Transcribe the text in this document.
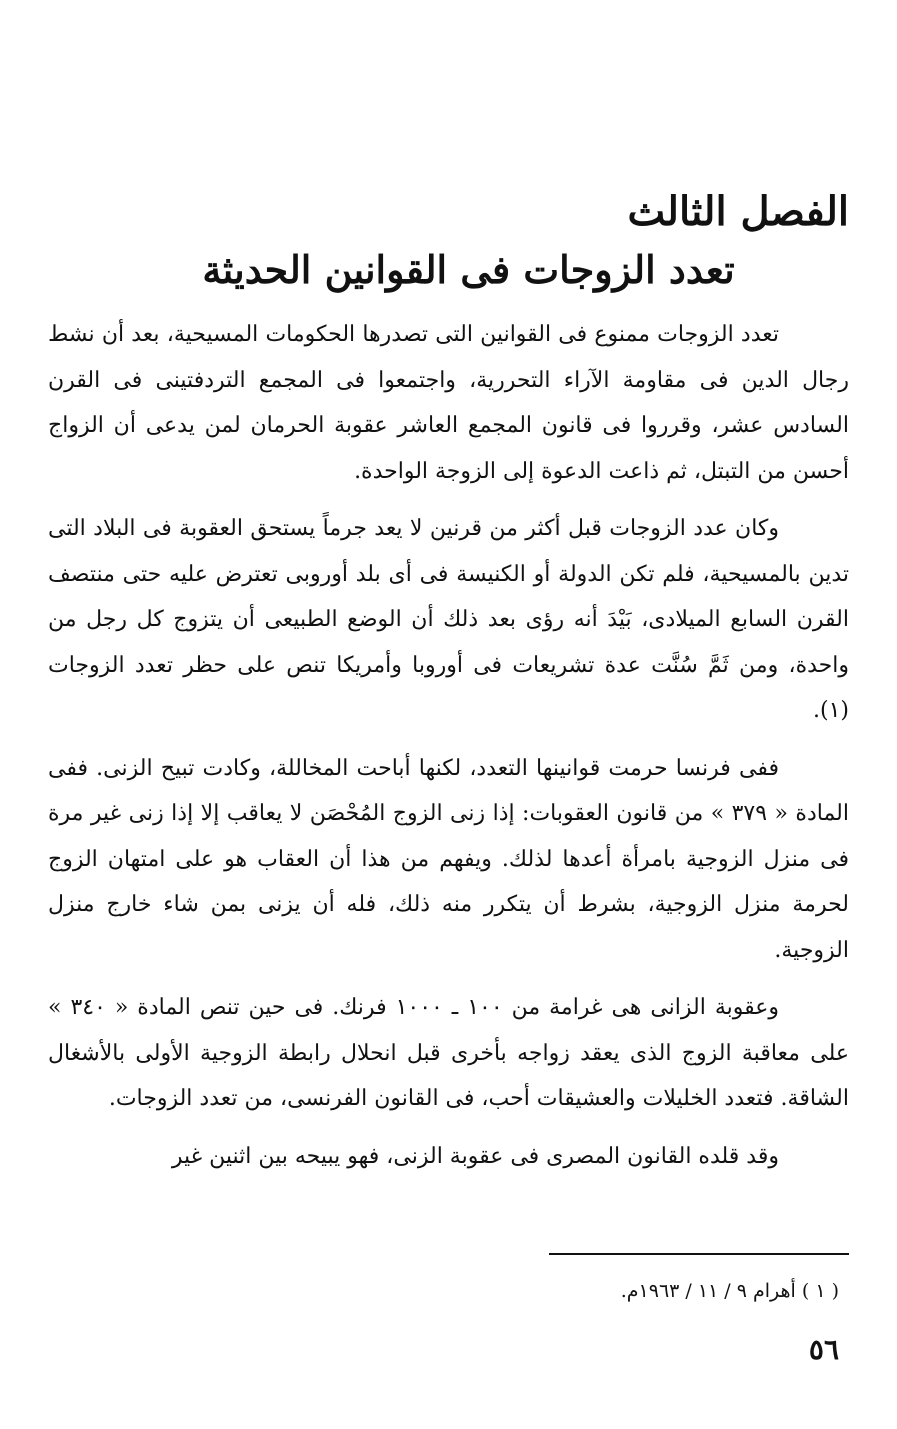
الفصل الثالث
تعدد الزوجات فى القوانين الحديثة

تعدد الزوجات ممنوع فى القوانين التى تصدرها الحكومات المسيحية، بعد أن نشط رجال الدين فى مقاومة الآراء التحررية، واجتمعوا فى المجمع التردفتينى فى القرن السادس عشر، وقرروا فى قانون المجمع العاشر عقوبة الحرمان لمن يدعى أن الزواج أحسن من التبتل، ثم ذاعت الدعوة إلى الزوجة الواحدة.

وكان عدد الزوجات قبل أكثر من قرنين لا يعد جرماً يستحق العقوبة فى البلاد التى تدين بالمسيحية، فلم تكن الدولة أو الكنيسة فى أى بلد أوروبى تعترض عليه حتى منتصف القرن السابع الميلادى، بَيْدَ أنه رؤى بعد ذلك أن الوضع الطبيعى أن يتزوج كل رجل من واحدة، ومن ثَمَّ سُنَّت عدة تشريعات فى أوروبا وأمريكا تنص على حظر تعدد الزوجات (١).

ففى فرنسا حرمت قوانينها التعدد، لكنها أباحت المخاللة، وكادت تبيح الزنى. ففى المادة « ٣٧٩ » من قانون العقوبات: إذا زنى الزوج المُحْصَن لا يعاقب إلا إذا زنى غير مرة فى منزل الزوجية بامرأة أعدها لذلك. ويفهم من هذا أن العقاب هو على امتهان الزوج لحرمة منزل الزوجية، بشرط أن يتكرر منه ذلك، فله أن يزنى بمن شاء خارج منزل الزوجية.

وعقوبة الزانى هى غرامة من ١٠٠ ـ ١٠٠٠ فرنك. فى حين تنص المادة « ٣٤٠ » على معاقبة الزوج الذى يعقد زواجه بأخرى قبل انحلال رابطة الزوجية الأولى بالأشغال الشاقة. فتعدد الخليلات والعشيقات أحب، فى القانون الفرنسى، من تعدد الزوجات.

وقد قلده القانون المصرى فى عقوبة الزنى، فهو يبيحه بين اثنين غير

( ١ ) أهرام ٩ / ١١ / ١٩٦٣م.
٥٦
